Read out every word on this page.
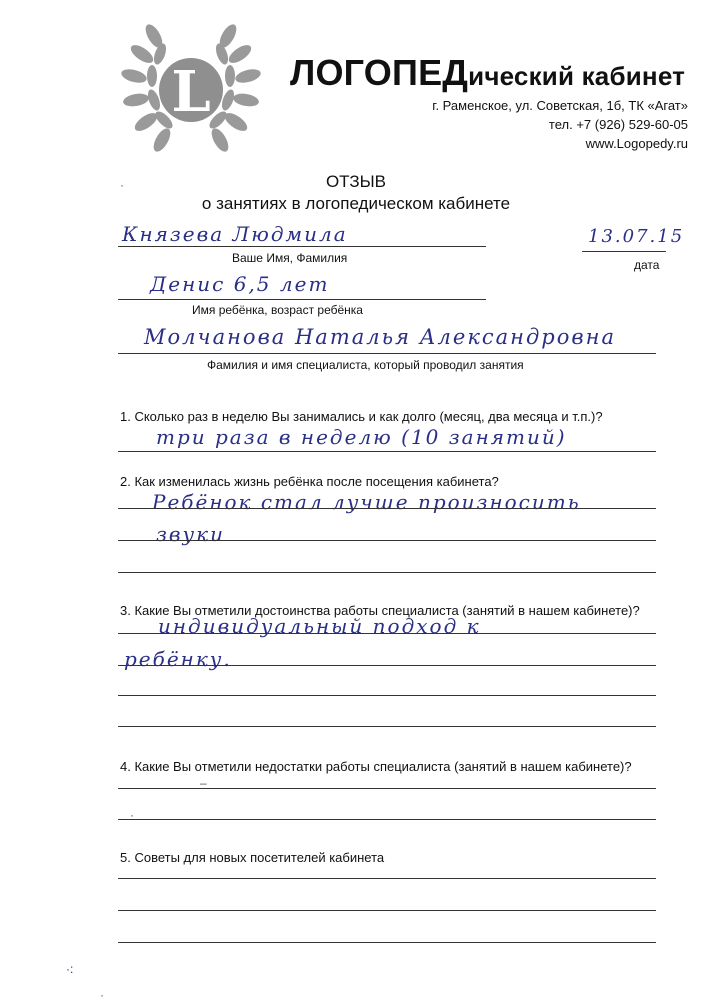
L ЛОГОПЕДический кабинет
г. Раменское, ул. Советская, 1б, ТК «Агат»
тел. +7 (926) 529-60-05
www.Logopedy.ru
ОТЗЫВ
о занятиях в логопедическом кабинете
·
Князева Людмила
Ваше Имя, Фамилия
13.07.15
дата
Денис 6,5 лет
Имя ребёнка, возраст ребёнка
Молчанова Наталья Александровна
Фамилия и имя специалиста, который проводил занятия
1. Сколько раз в неделю Вы занимались и как долго (месяц, два месяца и т.п.)?
три раза в неделю (10 занятий)
2. Как изменилась жизнь ребёнка после посещения кабинета?
Ребёнок стал лучше произносить
звуки
3. Какие Вы отметили достоинства работы специалиста (занятий в нашем кабинете)?
индивидуальный подход к
ребёнку.
4. Какие Вы отметили недостатки работы специалиста (занятий в нашем кабинете)?
–
·
5. Советы для новых посетителей кабинета
·:
·
